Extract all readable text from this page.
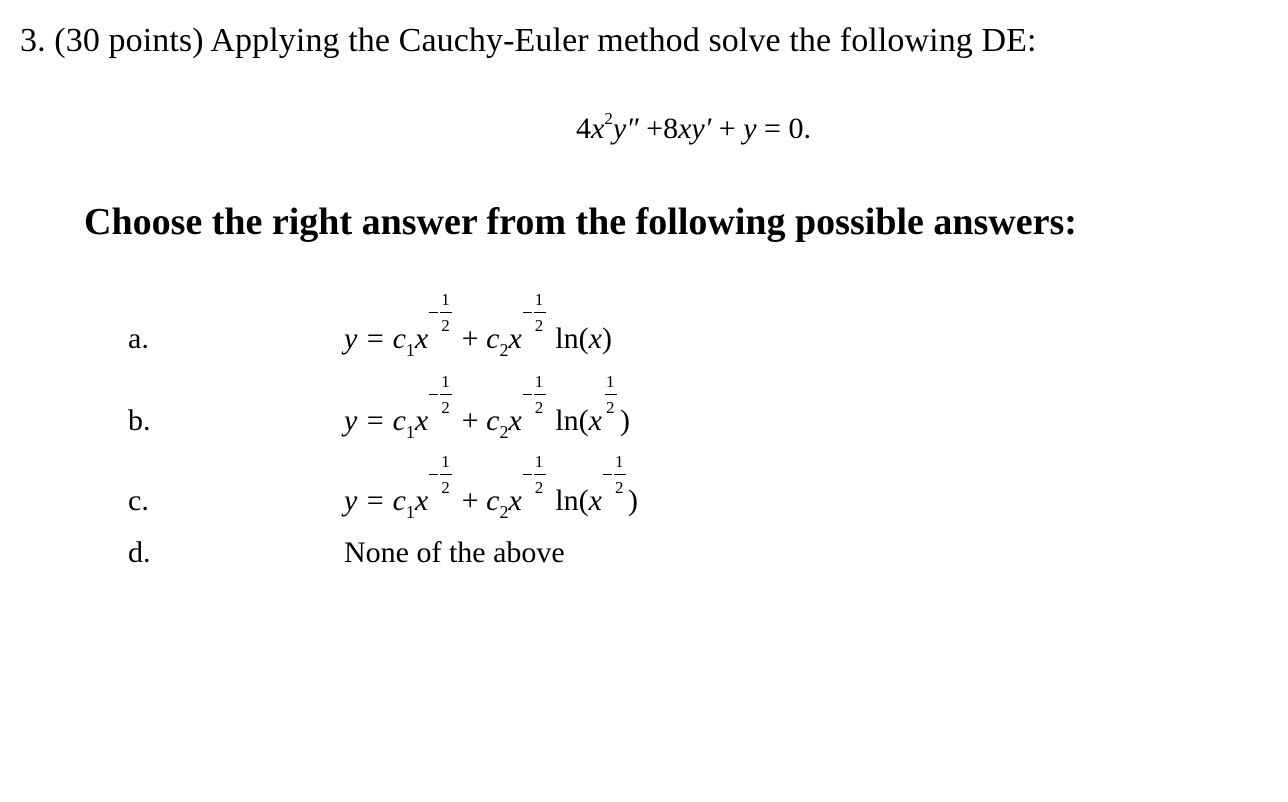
3. (30 points) Applying the Cauchy-Euler method solve the following DE:
$4x^2y'' +8xy' + y = 0$.
Choose the right answer from the following possible answers:
a.	$y = c_1x \frac{1}{2} + c_2x \frac{1}{2} \ln(x)$
b.	$y = c_1x \frac{1}{2} + c_2x \frac{1}{2} \ln(x \frac{1}{2}$ )
c.	$y = c_1x \frac{1}{2} + c_2x \frac{1}{2} \ln(x \frac{1}{2}$ )
d.	None of the above
